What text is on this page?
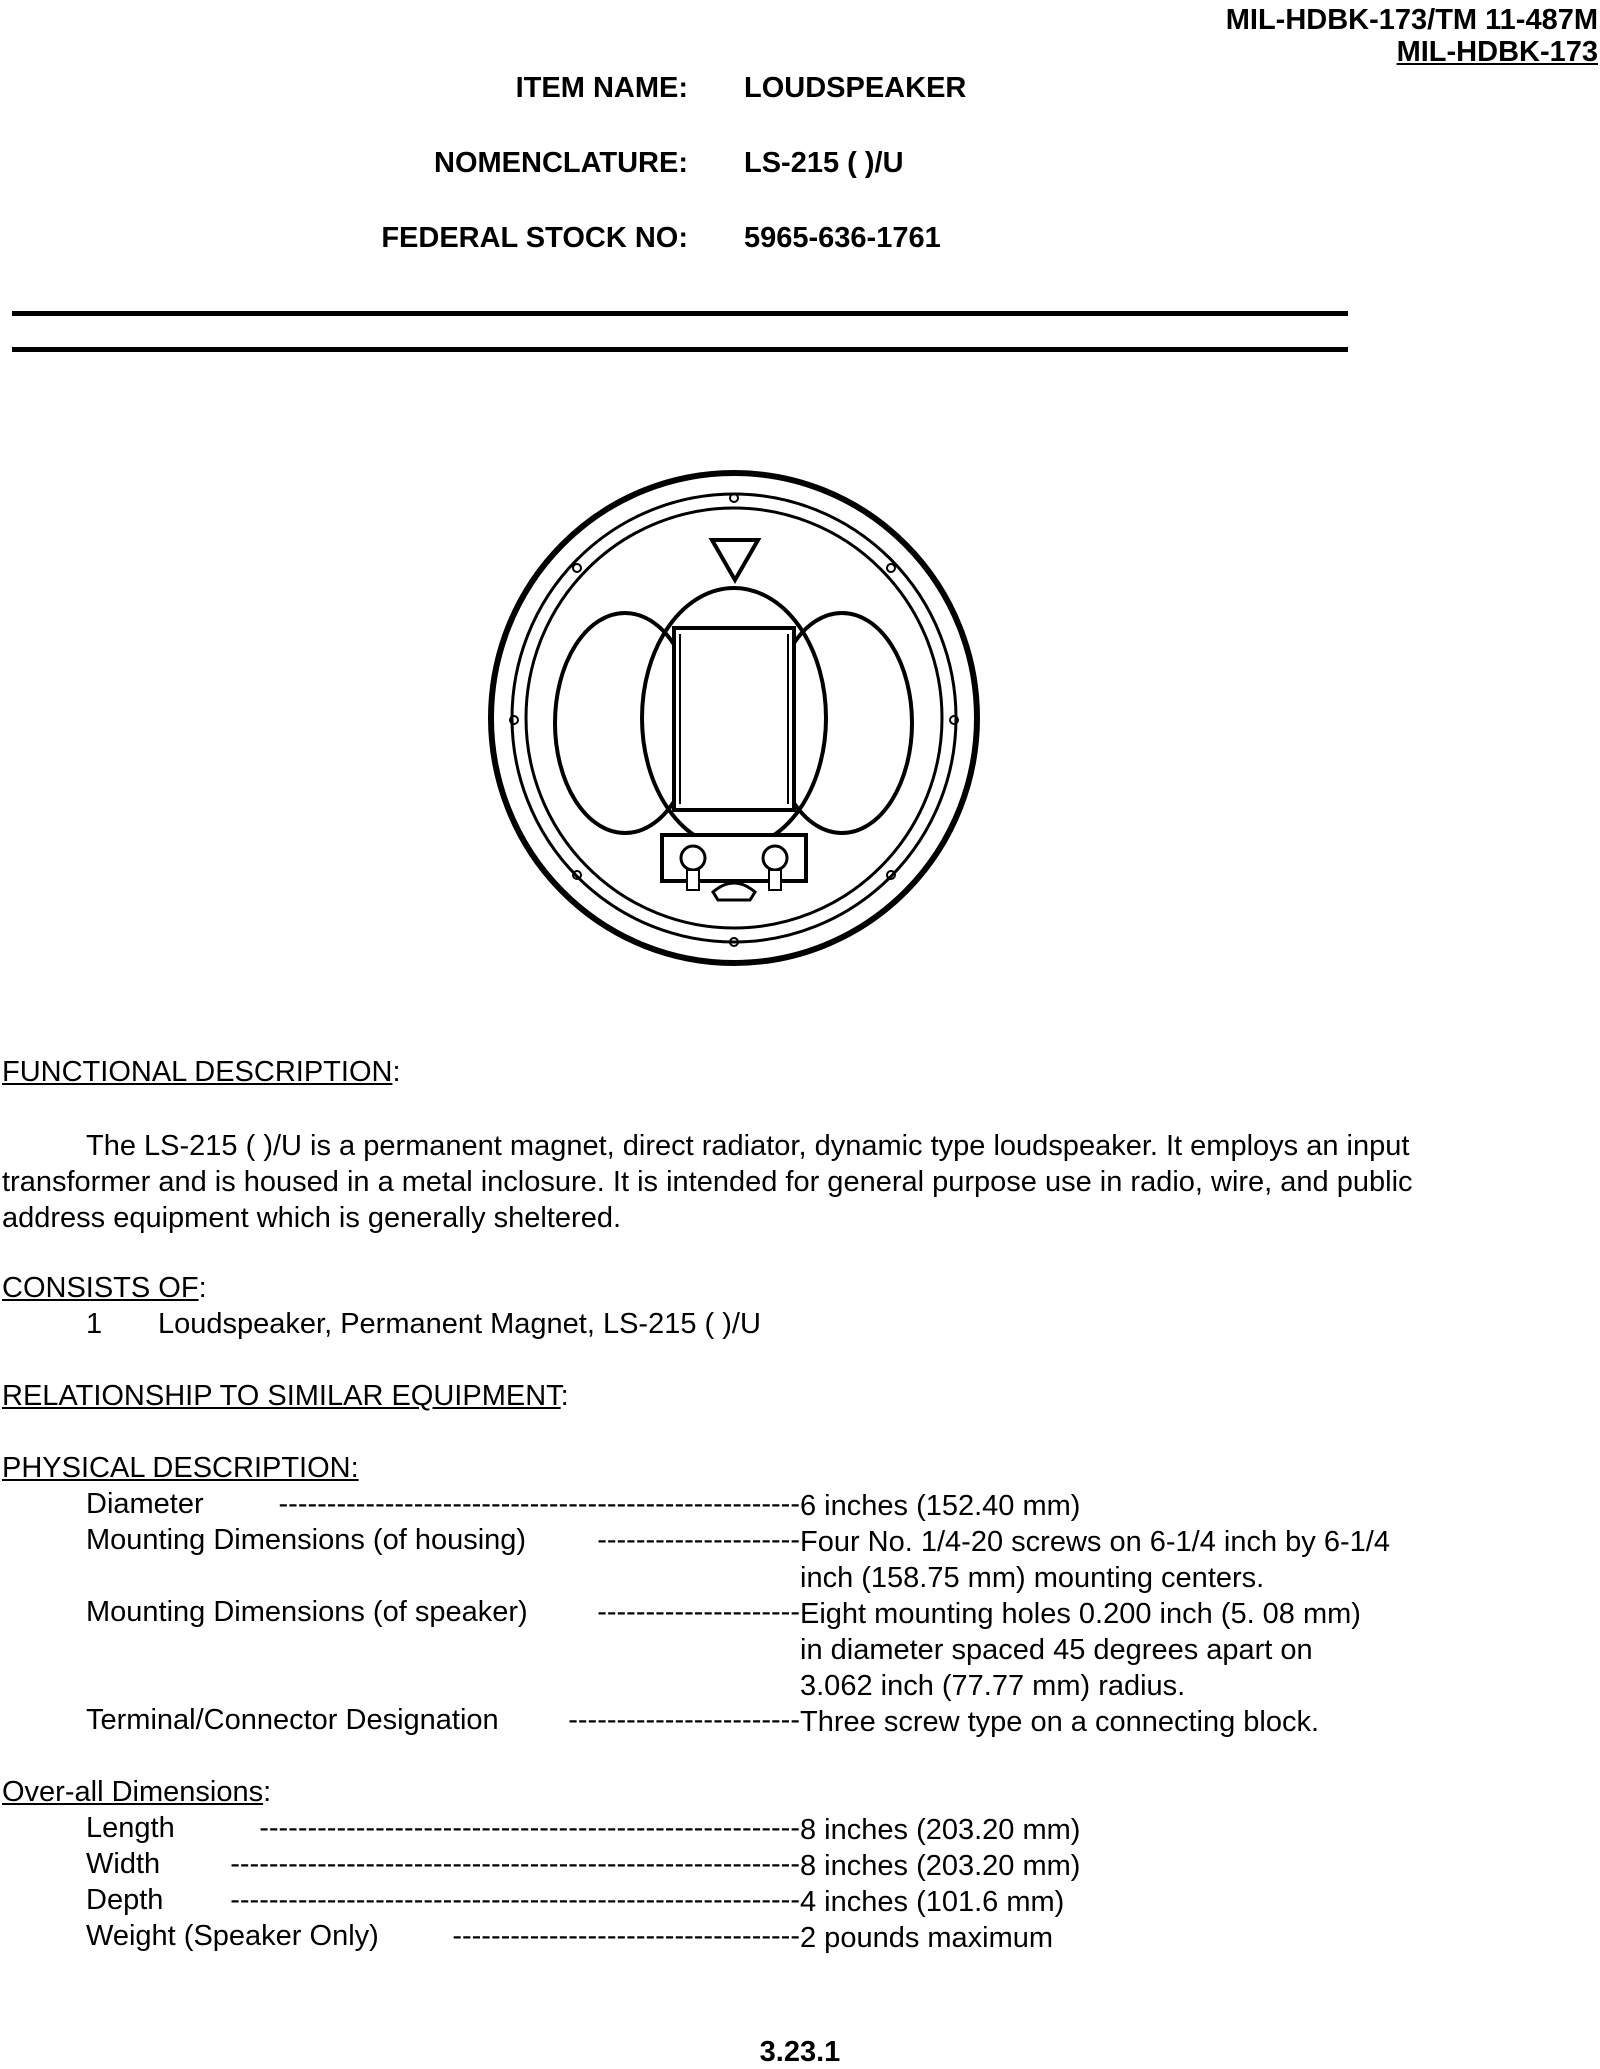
MIL-HDBK-173/TM 11-487M
MIL-HDBK-173
ITEM NAME: LOUDSPEAKER
NOMENCLATURE: LS-215 ( )/U
FEDERAL STOCK NO: 5965-636-1761
FUNCTIONAL DESCRIPTION:
The LS-215 ( )/U is a permanent magnet, direct radiator, dynamic type loudspeaker. It employs an input transformer and is housed in a metal inclosure. It is intended for general purpose use in radio, wire, and public address equipment which is generally sheltered.
CONSISTS OF:
1 Loudspeaker, Permanent Magnet, LS-215 ( )/U
RELATIONSHIP TO SIMILAR EQUIPMENT:
PHYSICAL DESCRIPTION:
Diameter	------------------------------------------------------ 6 inches (152.40 mm)
Mounting Dimensions (of housing)	--------------------- Four No. 1/4-20 screws on 6-1/4 inch by 6-1/4
inch (158.75 mm) mounting centers.
Mounting Dimensions (of speaker)	--------------------- Eight mounting holes 0.200 inch (5. 08 mm)
in diameter spaced 45 degrees apart on
3.062 inch (77.77 mm) radius.
Terminal/Connector Designation	------------------------ Three screw type on a connecting block.
Over-all Dimensions:
Length	-------------------------------------------------------- 8 inches (203.20 mm)
Width	----------------------------------------------------------- 8 inches (203.20 mm)
Depth	----------------------------------------------------------- 4 inches (101.6 mm)
Weight (Speaker Only)	------------------------------------ 2 pounds maximum
3.23.1
